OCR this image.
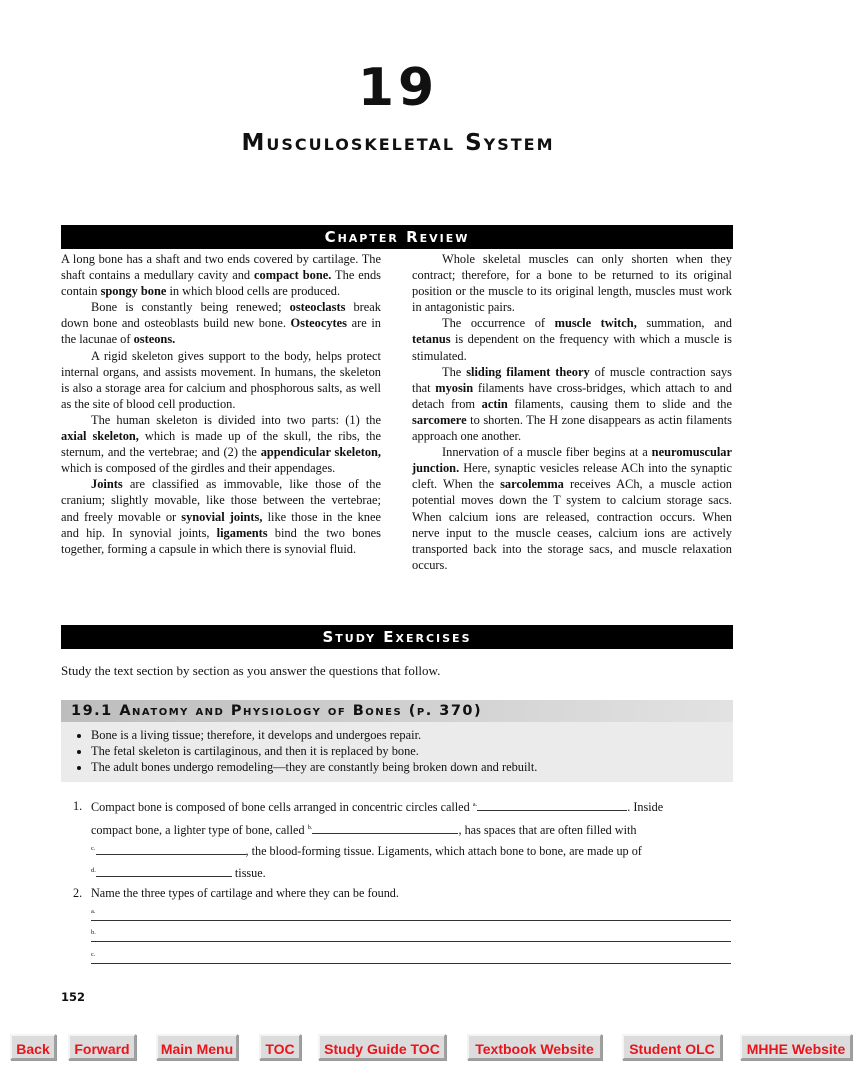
19
Musculoskeletal System
Chapter Review

A long bone has a shaft and two ends covered by cartilage. The shaft contains a medullary cavity and compact bone. The ends contain spongy bone in which blood cells are produced.

Bone is constantly being renewed; osteoclasts break down bone and osteoblasts build new bone. Osteocytes are in the lacunae of osteons.

A rigid skeleton gives support to the body, helps protect internal organs, and assists movement. In humans, the skeleton is also a storage area for calcium and phosphorous salts, as well as the site of blood cell production.

The human skeleton is divided into two parts: (1) the axial skeleton, which is made up of the skull, the ribs, the sternum, and the vertebrae; and (2) the appendicular skeleton, which is composed of the girdles and their appendages.

Joints are classified as immovable, like those of the cranium; slightly movable, like those between the vertebrae; and freely movable or synovial joints, like those in the knee and hip. In synovial joints, ligaments bind the two bones together, forming a capsule in which there is synovial fluid.

Whole skeletal muscles can only shorten when they contract; therefore, for a bone to be returned to its original position or the muscle to its original length, muscles must work in antagonistic pairs.

The occurrence of muscle twitch, summation, and tetanus is dependent on the frequency with which a muscle is stimulated.

The sliding filament theory of muscle contraction says that myosin filaments have cross-bridges, which attach to and detach from actin filaments, causing them to slide and the sarcomere to shorten. The H zone disappears as actin filaments approach one another.

Innervation of a muscle fiber begins at a neuromuscular junction. Here, synaptic vesicles release ACh into the synaptic cleft. When the sarcolemma receives ACh, a muscle action potential moves down the T system to calcium storage sacs. When calcium ions are released, contraction occurs. When nerve input to the muscle ceases, calcium ions are actively transported back into the storage sacs, and muscle relaxation occurs.

Study Exercises
Study the text section by section as you answer the questions that follow.
19.1 Anatomy and Physiology of Bones (p. 370)
• Bone is a living tissue; therefore, it develops and undergoes repair.
• The fetal skeleton is cartilaginous, and then it is replaced by bone.
• The adult bones undergo remodeling—they are constantly being broken down and rebuilt.
1. Compact bone is composed of bone cells arranged in concentric circles called $^{a.}$	. Inside
compact bone, a lighter type of bone, called $^{b.}$	, has spaces that are often filled with
$^{c.}$	, the blood-forming tissue. Ligaments, which attach bone to bone, are made up of
$^{d.}$	tissue.
2. Name the three types of cartilage and where they can be found.
a.
b.
c.
152
Back	Forward	Main Menu	TOC	Study Guide TOC	Textbook Website	Student OLC	MHHE Website
